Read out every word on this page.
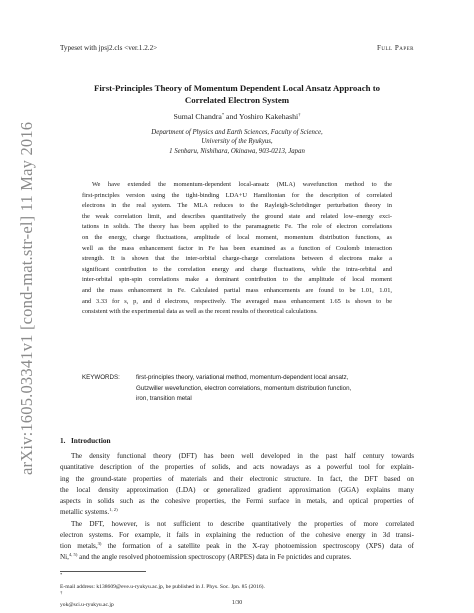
Typeset with jpsj2.cls <ver.1.2.2>	Full Paper
arXiv:1605.03341v1 [cond-mat.str-el] 11 May 2016
First-Principles Theory of Momentum Dependent Local Ansatz Approach to
Correlated Electron System
Sumal Chandra* and Yoshiro Kakehashi†
Department of Physics and Earth Sciences, Faculty of Science,
University of the Ryukyus,
1 Senbaru, Nishihara, Okinawa, 903-0213, Japan
We have extended the momentum-dependent local-ansatz (MLA) wavefunction method to the
first-principles version using the tight-binding LDA+U Hamiltonian for the description of correlated
electrons in the real system. The MLA reduces to the Rayleigh-Schrödinger perturbation theory in
the weak correlation limit, and describes quantitatively the ground state and related low–energy exci-
tations in solids. The theory has been applied to the paramagnetic Fe. The role of electron correlations
on the energy, charge fluctuations, amplitude of local moment, momentum distribution functions, as
well as the mass enhancement factor in Fe has been examined as a function of Coulomb interaction
strength. It is shown that the inter-orbital charge-charge correlations between d electrons make a
significant contribution to the correlation energy and charge fluctuations, while the intra-orbital and
inter-orbital spin-spin correlations make a dominant contribution to the amplitude of local moment
and the mass enhancement in Fe. Calculated partial mass enhancements are found to be 1.01, 1.01,
and 3.33 for s, p, and d electrons, respectively. The averaged mass enhancement 1.65 is shown to be
consistent with the experimental data as well as the recent results of theoretical calculations.
KEYWORDS:	first-principles theory, variational method, momentum-dependent local ansatz,
Gutzwiller wevefunction, electron correlations, momentum distribution function,
iron, transition metal
1. Introduction
The density functional theory (DFT) has been well developed in the past half century towards
quantitative description of the properties of solids, and acts nowadays as a powerful tool for explain-
ing the ground-state properties of materials and their electronic structure. In fact, the DFT based on
the local density approximation (LDA) or generalized gradient approximation (GGA) explains many
aspects in solids such as the cohesive properties, the Fermi surface in metals, and optical properties of
metallic systems.$^{1, 2)}$
The DFT, however, is not sufficient to describe quantitatively the properties of more correlated
electron systems. For example, it fails in explaining the reduction of the cohesive energy in 3d transi-
tion metals,$^{3)}$ the formation of a satellite peak in the X-ray photoemission spectroscopy (XPS) data of
Ni,$^{4, 5)}$ and the angle resolved photoemission spectroscopy (ARPES) data in Fe pnictides and cuprates.
*
E-mail address: k138609@eve.u-ryukyu.ac.jp, be published in J. Phys. Soc. Jpn. 85 (2016).
†
yok@sci.u-ryukyu.ac.jp	1/30
